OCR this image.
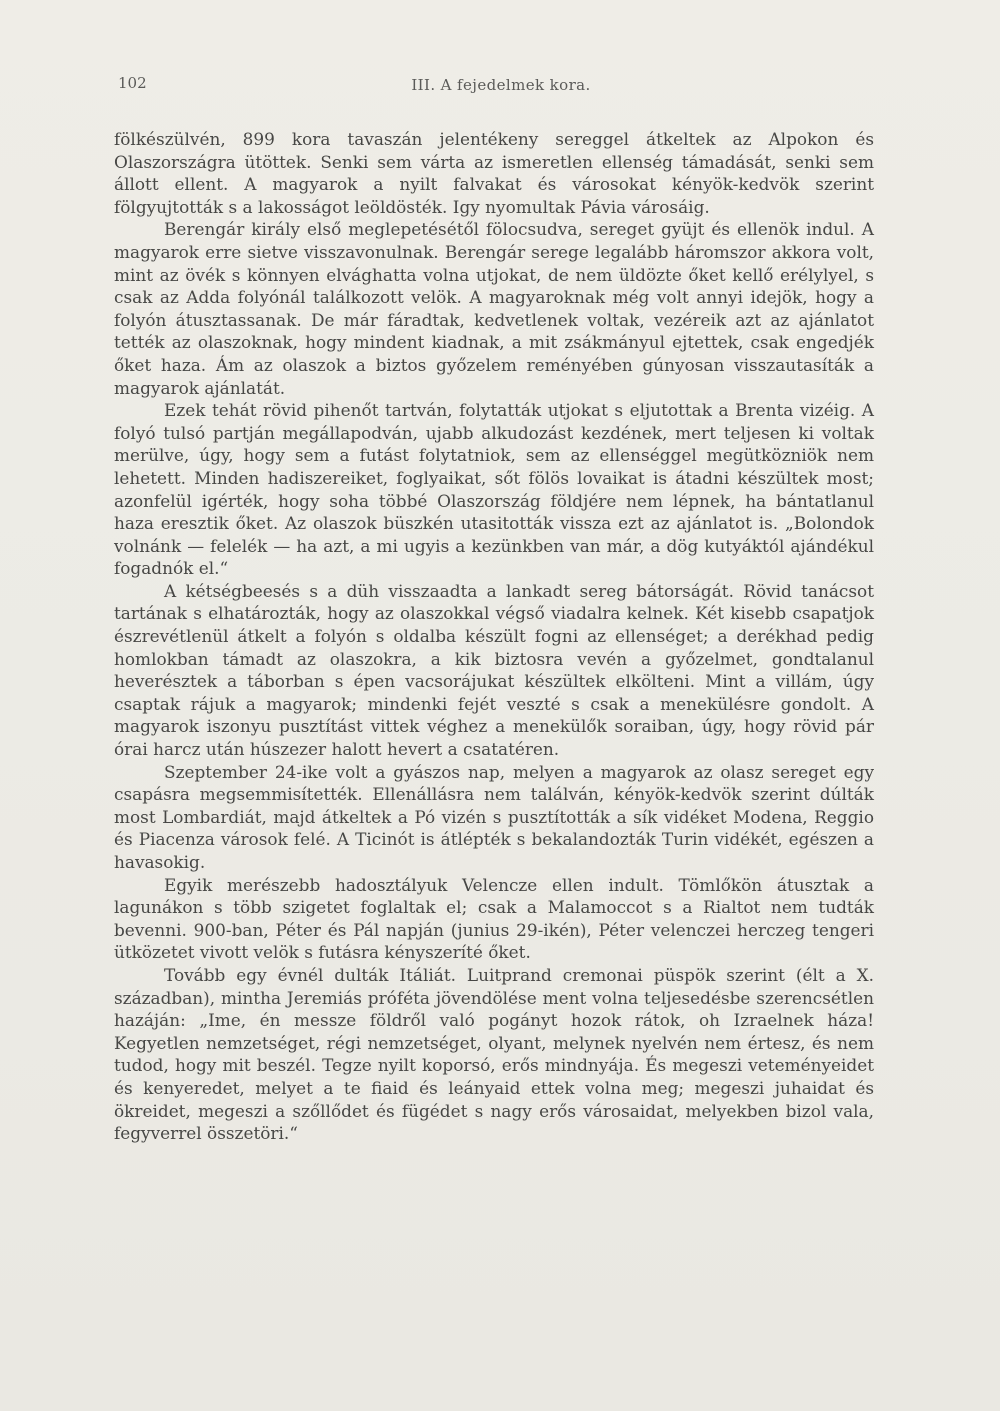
102	III. A fejedelmek kora.

fölkészülvén, 899 kora tavaszán jelentékeny sereggel átkeltek az Alpokon és Olaszországra ütöttek. Senki sem várta az ismeretlen ellenség támadását, senki sem állott ellent. A magyarok a nyilt falvakat és városokat kényök-kedvök szerint fölgyujtották s a lakosságot leöldösték. Igy nyomultak Pávia városáig.

Berengár király első meglepetésétől fölocsudva, sereget gyüjt és ellenök indul. A magyarok erre sietve visszavonulnak. Berengár serege legalább háromszor akkora volt, mint az övék s könnyen elvághatta volna utjokat, de nem üldözte őket kellő erélylyel, s csak az Adda folyónál találkozott velök. A magyaroknak még volt annyi idejök, hogy a folyón átusztassanak. De már fáradtak, kedvetlenek voltak, vezéreik azt az ajánlatot tették az olaszoknak, hogy mindent kiadnak, a mit zsákmányul ejtettek, csak engedjék őket haza. Ám az olaszok a biztos győzelem reményében gúnyosan visszautasíták a magyarok ajánlatát.

Ezek tehát rövid pihenőt tartván, folytatták utjokat s eljutottak a Brenta vizéig. A folyó tulsó partján megállapodván, ujabb alkudozást kezdének, mert teljesen ki voltak merülve, úgy, hogy sem a futást folytatniok, sem az ellenséggel megütközniök nem lehetett. Minden hadiszereiket, foglyaikat, sőt fölös lovaikat is átadni készültek most; azonfelül igérték, hogy soha többé Olaszország földjére nem lépnek, ha bántatlanul haza eresztik őket. Az olaszok büszkén utasitották vissza ezt az ajánlatot is. „Bolondok volnánk — felelék — ha azt, a mi ugyis a kezünkben van már, a dög kutyáktól ajándékul fogadnók el.“

A kétségbeesés s a düh visszaadta a lankadt sereg bátorságát. Rövid tanácsot tartának s elhatározták, hogy az olaszokkal végső viadalra kelnek. Két kisebb csapatjok észrevétlenül átkelt a folyón s oldalba készült fogni az ellenséget; a derékhad pedig homlokban támadt az olaszokra, a kik biztosra vevén a győzelmet, gondtalanul heverésztek a táborban s épen vacsorájukat készültek elkölteni. Mint a villám, úgy csaptak rájuk a magyarok; mindenki fejét veszté s csak a menekülésre gondolt. A magyarok iszonyu pusztítást vittek véghez a menekülők soraiban, úgy, hogy rövid pár órai harcz után húszezer halott hevert a csatatéren.

Szeptember 24-ike volt a gyászos nap, melyen a magyarok az olasz sereget egy csapásra megsemmisítették. Ellenállásra nem találván, kényök-kedvök szerint dúlták most Lombardiát, majd átkeltek a Pó vizén s pusztították a sík vidéket Modena, Reggio és Piacenza városok felé. A Ticinót is átlépték s bekalandozták Turin vidékét, egészen a havasokig.

Egyik merészebb hadosztályuk Velencze ellen indult. Tömlőkön átusztak a lagunákon s több szigetet foglaltak el; csak a Malamoccot s a Rialtot nem tudták bevenni. 900-ban, Péter és Pál napján (junius 29-ikén), Péter velenczei herczeg tengeri ütközetet vivott velök s futásra kényszeríté őket.

Tovább egy évnél dulták Itáliát. Luitprand cremonai püspök szerint (élt a X. században), mintha Jeremiás próféta jövendölése ment volna teljesedésbe szerencsétlen hazáján: „Ime, én messze földről való pogányt hozok rátok, oh Izraelnek háza! Kegyetlen nemzetséget, régi nemzetséget, olyant, melynek nyelvén nem értesz, és nem tudod, hogy mit beszél. Tegze nyilt koporsó, erős mindnyája. És megeszi veteményeidet és kenyeredet, melyet a te fiaid és leányaid ettek volna meg; megeszi juhaidat és ökreidet, megeszi a szőllődet és fügédet s nagy erős városaidat, melyekben bizol vala, fegyverrel összetöri.“
